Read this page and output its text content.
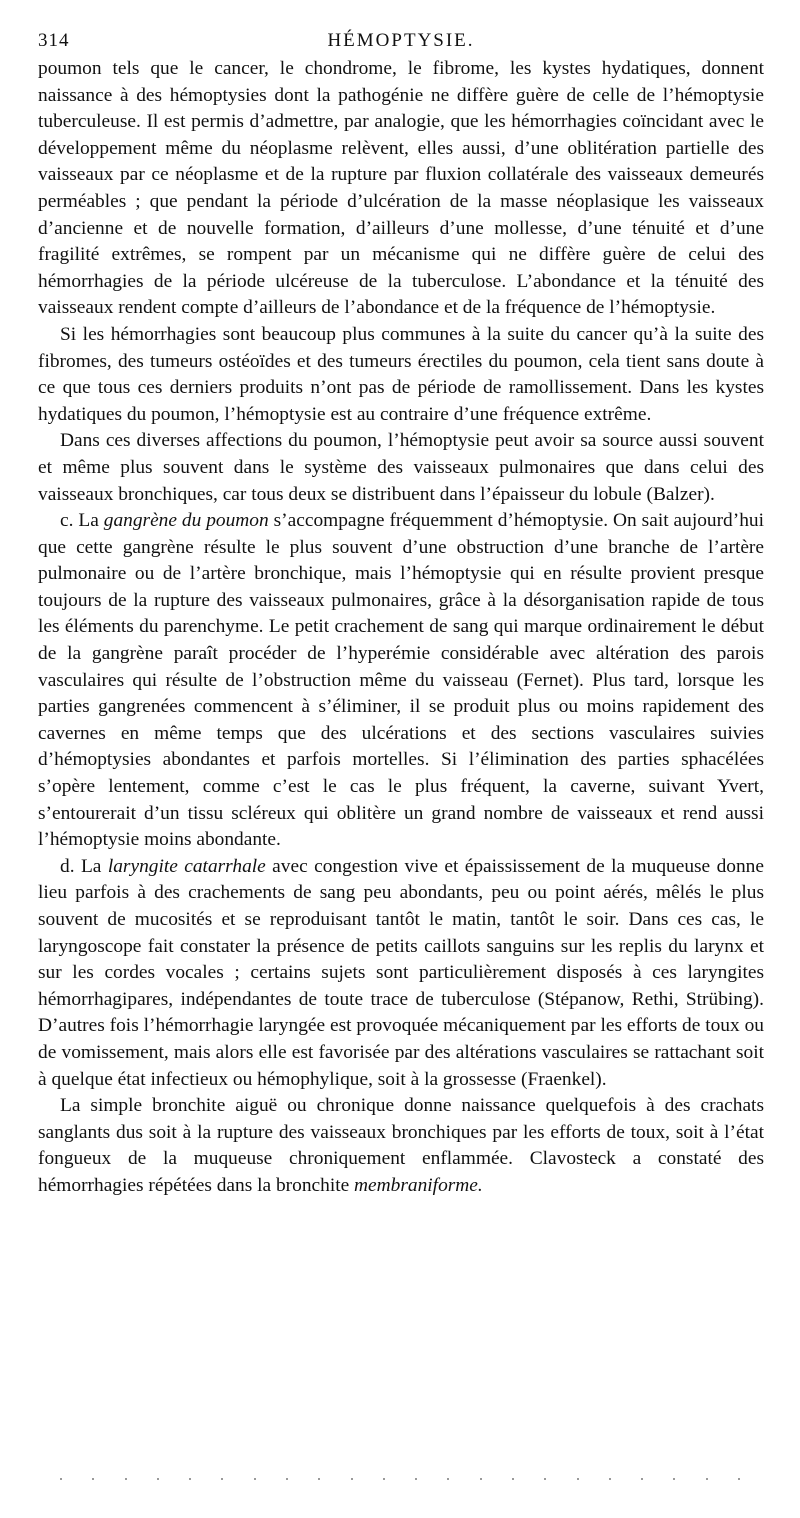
314	HÉMOPTYSIE.

poumon tels que le cancer, le chondrome, le fibrome, les kystes hydatiques, donnent naissance à des hémoptysies dont la pathogénie ne diffère guère de celle de l’hémoptysie tuberculeuse. Il est permis d’admettre, par analogie, que les hémorrhagies coïncidant avec le développement même du néoplasme relèvent, elles aussi, d’une oblitération partielle des vaisseaux par ce néoplasme et de la rupture par fluxion collatérale des vaisseaux demeurés perméables ; que pendant la période d’ulcération de la masse néoplasique les vaisseaux d’ancienne et de nouvelle formation, d’ailleurs d’une mollesse, d’une ténuité et d’une fragilité extrêmes, se rompent par un mécanisme qui ne diffère guère de celui des hémorrhagies de la période ulcéreuse de la tuberculose. L’abondance et la ténuité des vaisseaux rendent compte d’ailleurs de l’abondance et de la fréquence de l’hémoptysie.

Si les hémorrhagies sont beaucoup plus communes à la suite du cancer qu’à la suite des fibromes, des tumeurs ostéoïdes et des tumeurs érectiles du poumon, cela tient sans doute à ce que tous ces derniers produits n’ont pas de période de ramollissement. Dans les kystes hydatiques du poumon, l’hémoptysie est au contraire d’une fréquence extrême.

Dans ces diverses affections du poumon, l’hémoptysie peut avoir sa source aussi souvent et même plus souvent dans le système des vaisseaux pulmonaires que dans celui des vaisseaux bronchiques, car tous deux se distribuent dans l’épaisseur du lobule (Balzer).

c. La gangrène du poumon s’accompagne fréquemment d’hémoptysie. On sait aujourd’hui que cette gangrène résulte le plus souvent d’une obstruction d’une branche de l’artère pulmonaire ou de l’artère bronchique, mais l’hémoptysie qui en résulte provient presque toujours de la rupture des vaisseaux pulmonaires, grâce à la désorganisation rapide de tous les éléments du parenchyme. Le petit crachement de sang qui marque ordinairement le début de la gangrène paraît procéder de l’hyperémie considérable avec altération des parois vasculaires qui résulte de l’obstruction même du vaisseau (Fernet). Plus tard, lorsque les parties gangrenées commencent à s’éliminer, il se produit plus ou moins rapidement des cavernes en même temps que des ulcérations et des sections vasculaires suivies d’hémoptysies abondantes et parfois mortelles. Si l’élimination des parties sphacélées s’opère lentement, comme c’est le cas le plus fréquent, la caverne, suivant Yvert, s’entourerait d’un tissu scléreux qui oblitère un grand nombre de vaisseaux et rend aussi l’hémoptysie moins abondante.

d. La laryngite catarrhale avec congestion vive et épaississement de la muqueuse donne lieu parfois à des crachements de sang peu abondants, peu ou point aérés, mêlés le plus souvent de mucosités et se reproduisant tantôt le matin, tantôt le soir. Dans ces cas, le laryngoscope fait constater la présence de petits caillots sanguins sur les replis du larynx et sur les cordes vocales ; certains sujets sont particulièrement disposés à ces laryngites hémorrhagipares, indépendantes de toute trace de tuberculose (Stépanow, Rethi, Strübing). D’autres fois l’hémorrhagie laryngée est provoquée mécaniquement par les efforts de toux ou de vomissement, mais alors elle est favorisée par des altérations vasculaires se rattachant soit à quelque état infectieux ou hémophylique, soit à la grossesse (Fraenkel).

La simple bronchite aiguë ou chronique donne naissance quelquefois à des crachats sanglants dus soit à la rupture des vaisseaux bronchiques par les efforts de toux, soit à l’état fongueux de la muqueuse chroniquement enflammée. Clavosteck a constaté des hémorrhagies répétées dans la bronchite membraniforme.
